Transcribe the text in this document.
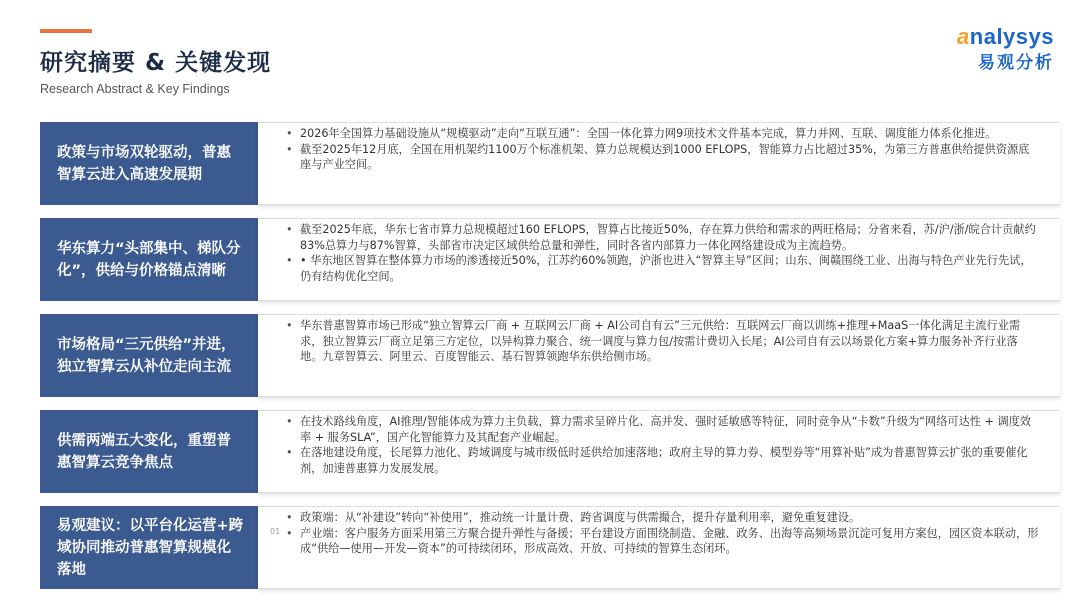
研究摘要 & 关键发现
Research Abstract & Key Findings
analysys
易观分析
政策与市场双轮驱动，普惠智算云进入高速发展期
• 2026年全国算力基础设施从“规模驱动”走向“互联互通”：全国一体化算力网9项技术文件基本完成，算力并网、互联、调度能力体系化推进。
• 截至2025年12月底，全国在用机架约1100万个标准机架、算力总规模达到1000 EFLOPS，智能算力占比超过35%，为第三方普惠供给提供资源底座与产业空间。
华东算力“头部集中、梯队分化”，供给与价格锚点清晰
• 截至2025年底，华东七省市算力总规模超过160 EFLOPS，智算占比接近50%，存在算力供给和需求的两旺格局；分省来看，苏/沪/浙/皖合计贡献约83%总算力与87%智算，头部省市决定区域供给总量和弹性，同时各省内部算力一体化网络建设成为主流趋势。
• • 华东地区智算在整体算力市场的渗透接近50%，江苏约60%领跑，沪浙也进入“智算主导”区间；山东、闽赣围绕工业、出海与特色产业先行先试，仍有结构优化空间。
市场格局“三元供给”并进，独立智算云从补位走向主流
• 华东普惠智算市场已形成“独立智算云厂商 + 互联网云厂商 + AI公司自有云”三元供给：互联网云厂商以训练+推理+MaaS一体化满足主流行业需求，独立智算云厂商立足第三方定位，以异构算力聚合、统一调度与算力包/按需计费切入长尾；AI公司自有云以场景化方案+算力服务补齐行业落地。九章智算云、阿里云、百度智能云、基石智算领跑华东供给侧市场。
供需两端五大变化，重塑普惠智算云竞争焦点
• 在技术路线角度，AI推理/智能体成为算力主负载，算力需求呈碎片化、高并发、强时延敏感等特征，同时竞争从“卡数”升级为“网络可达性 + 调度效率 + 服务SLA”，国产化智能算力及其配套产业崛起。
• 在落地建设角度，长尾算力池化、跨域调度与城市级低时延供给加速落地；政府主导的算力券、模型券等“用算补贴”成为普惠智算云扩张的重要催化剂，加速普惠算力发展发展。
易观建议：以平台化运营+跨域协同推动普惠智算规模化落地
• 政策端：从“补建设”转向“补使用”，推动统一计量计费、跨省调度与供需撮合，提升存量利用率，避免重复建设。
• 产业端：客户服务方面采用第三方聚合提升弹性与备援；平台建设方面围绕制造、金融、政务、出海等高频场景沉淀可复用方案包，园区资本联动，形成“供给—使用—开发—资本”的可持续闭环，形成高效、开放、可持续的智算生态闭环。
01
